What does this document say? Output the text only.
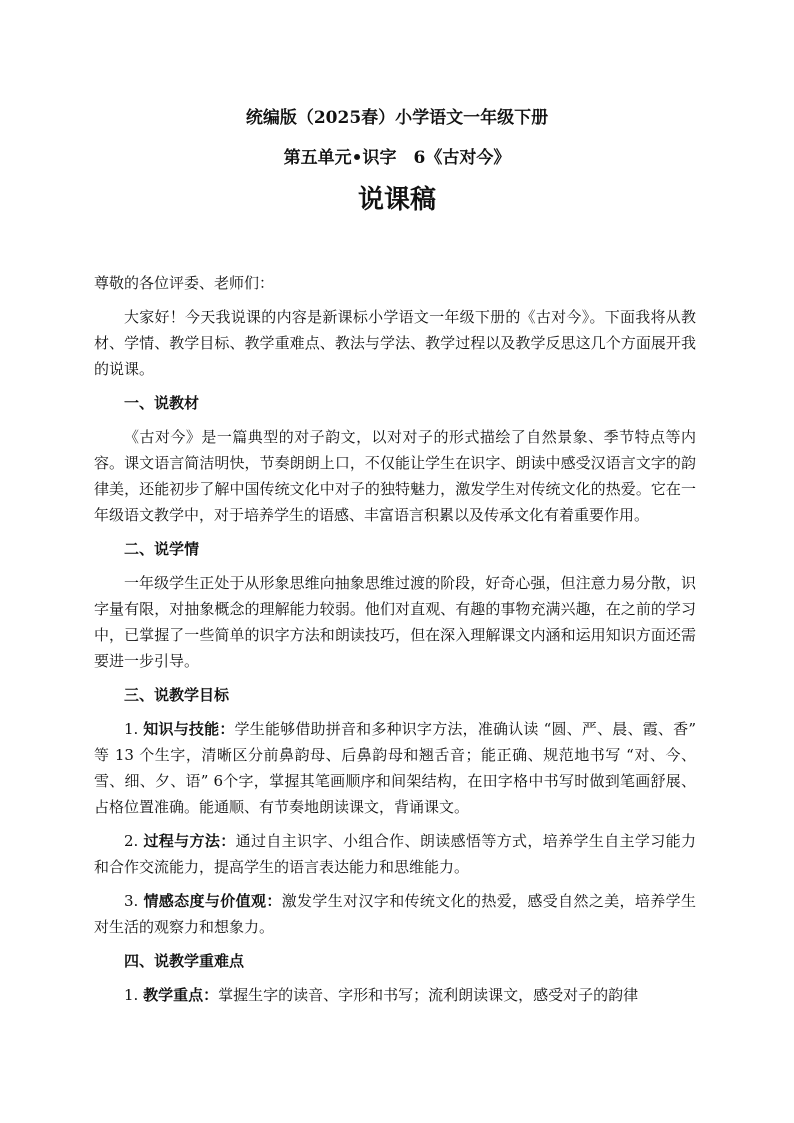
统编版（2025春）小学语文一年级下册
第五单元•识字　6《古对今》
说课稿

尊敬的各位评委、老师们：

大家好！今天我说课的内容是新课标小学语文一年级下册的《古对今》。下面我将从教材、学情、教学目标、教学重难点、教法与学法、教学过程以及教学反思这几个方面展开我的说课。

一、说教材

《古对今》是一篇典型的对子韵文，以对对子的形式描绘了自然景象、季节特点等内容。课文语言简洁明快，节奏朗朗上口，不仅能让学生在识字、朗读中感受汉语言文字的韵律美，还能初步了解中国传统文化中对子的独特魅力，激发学生对传统文化的热爱。它在一年级语文教学中，对于培养学生的语感、丰富语言积累以及传承文化有着重要作用。

二、说学情

一年级学生正处于从形象思维向抽象思维过渡的阶段，好奇心强，但注意力易分散，识字量有限，对抽象概念的理解能力较弱。他们对直观、有趣的事物充满兴趣，在之前的学习中，已掌握了一些简单的识字方法和朗读技巧，但在深入理解课文内涵和运用知识方面还需要进一步引导。

三、说教学目标

1. 知识与技能：学生能够借助拼音和多种识字方法，准确认读 “圆、严、晨、霞、香” 等 13 个生字，清晰区分前鼻韵母、后鼻韵母和翘舌音；能正确、规范地书写 “对、今、雪、细、夕、语” 6个字，掌握其笔画顺序和间架结构，在田字格中书写时做到笔画舒展、占格位置准确。能通顺、有节奏地朗读课文，背诵课文。

2. 过程与方法：通过自主识字、小组合作、朗读感悟等方式，培养学生自主学习能力和合作交流能力，提高学生的语言表达能力和思维能力。

3. 情感态度与价值观：激发学生对汉字和传统文化的热爱，感受自然之美，培养学生对生活的观察力和想象力。

四、说教学重难点

1. 教学重点：掌握生字的读音、字形和书写；流利朗读课文，感受对子的韵律
